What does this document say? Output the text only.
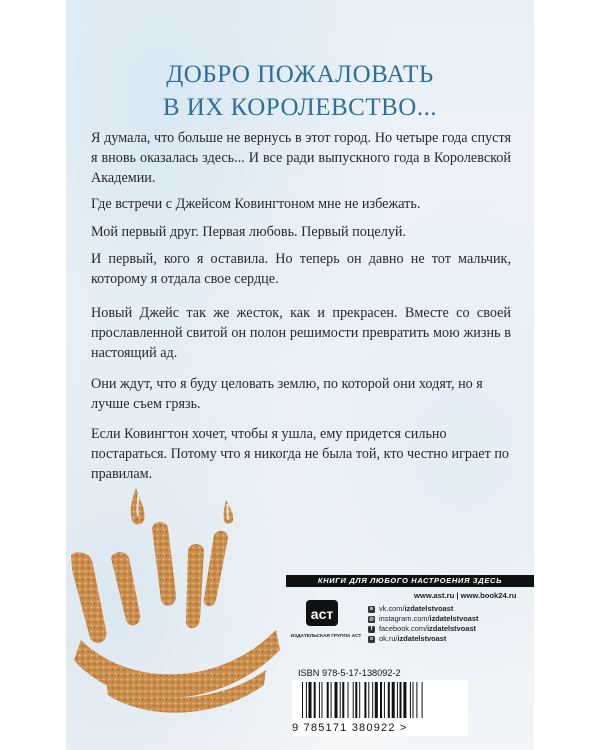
ДОБРО ПОЖАЛОВАТЬ
В ИХ КОРОЛЕВСТВО...

Я думала, что больше не вернусь в этот город. Но четыре года спустя я вновь оказалась здесь... И все ради выпускного года в Королевской Академии.

Где встречи с Джейсом Ковингтоном мне не избежать.

Мой первый друг. Первая любовь. Первый поцелуй.

И первый, кого я оставила. Но теперь он давно не тот мальчик, которому я отдала свое сердце.

Новый Джейс так же жесток, как и прекрасен. Вместе со своей прославленной свитой он полон решимости превратить мою жизнь в настоящий ад.

Они ждут, что я буду целовать землю, по которой они ходят, но я лучше съем грязь.

Если Ковингтон хочет, чтобы я ушла, ему придется сильно постараться. Потому что я никогда не была той, кто честно играет по правилам.

КНИГИ ДЛЯ ЛЮБОГО НАСТРОЕНИЯ ЗДЕСЬ
www.ast.ru | www.book24.ru
аст
ИЗДАТЕЛЬСКАЯ ГРУППА АСТ
в vk.com/ izdatelstvoast
◎ instagram.com/ izdatelstvoast
f facebook.com/ izdatelstvoast
о ok.ru/ izdatelstvoast
ISBN 978-5-17-138092-2
9 785171 380922 >
